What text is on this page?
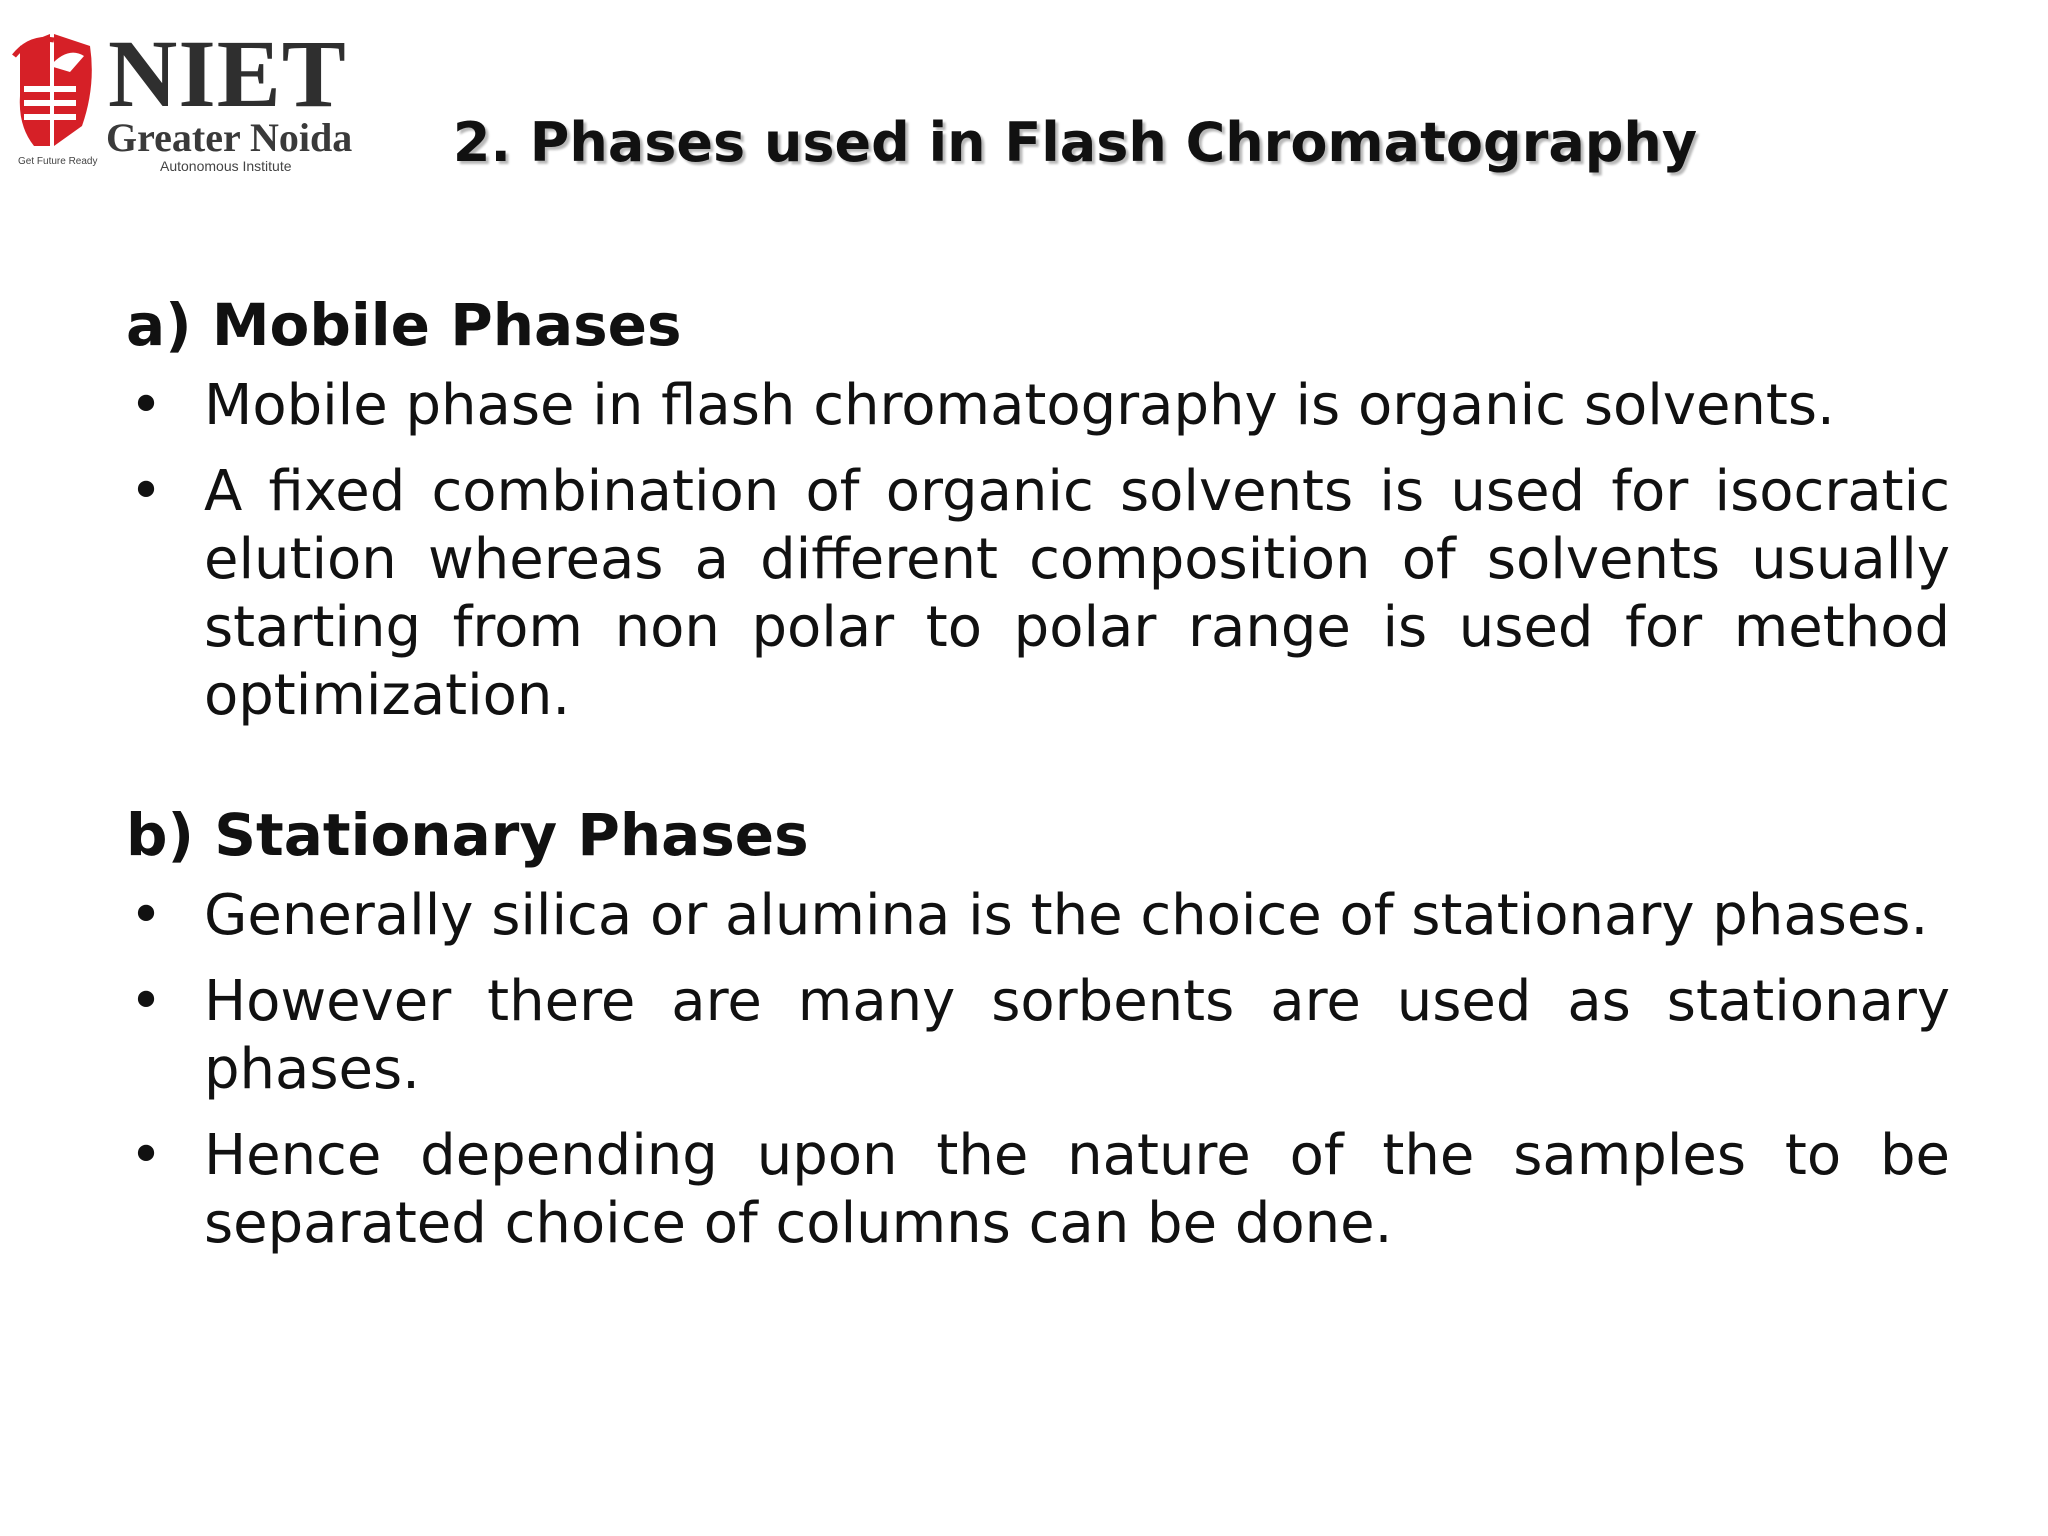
NIET
Greater Noida
Autonomous Institute
Get Future Ready	2. Phases used in Flash Chromatography
a) Mobile Phases
• Mobile phase in flash chromatography is organic solvents.
• A fixed combination of organic solvents is used for isocratic elution whereas a different composition of solvents usually starting from non polar to polar range is used for method optimization.
b) Stationary Phases
• Generally silica or alumina is the choice of stationary phases.
• However there are many sorbents are used as stationary phases.
• Hence depending upon the nature of the samples to be separated choice of columns can be done.
